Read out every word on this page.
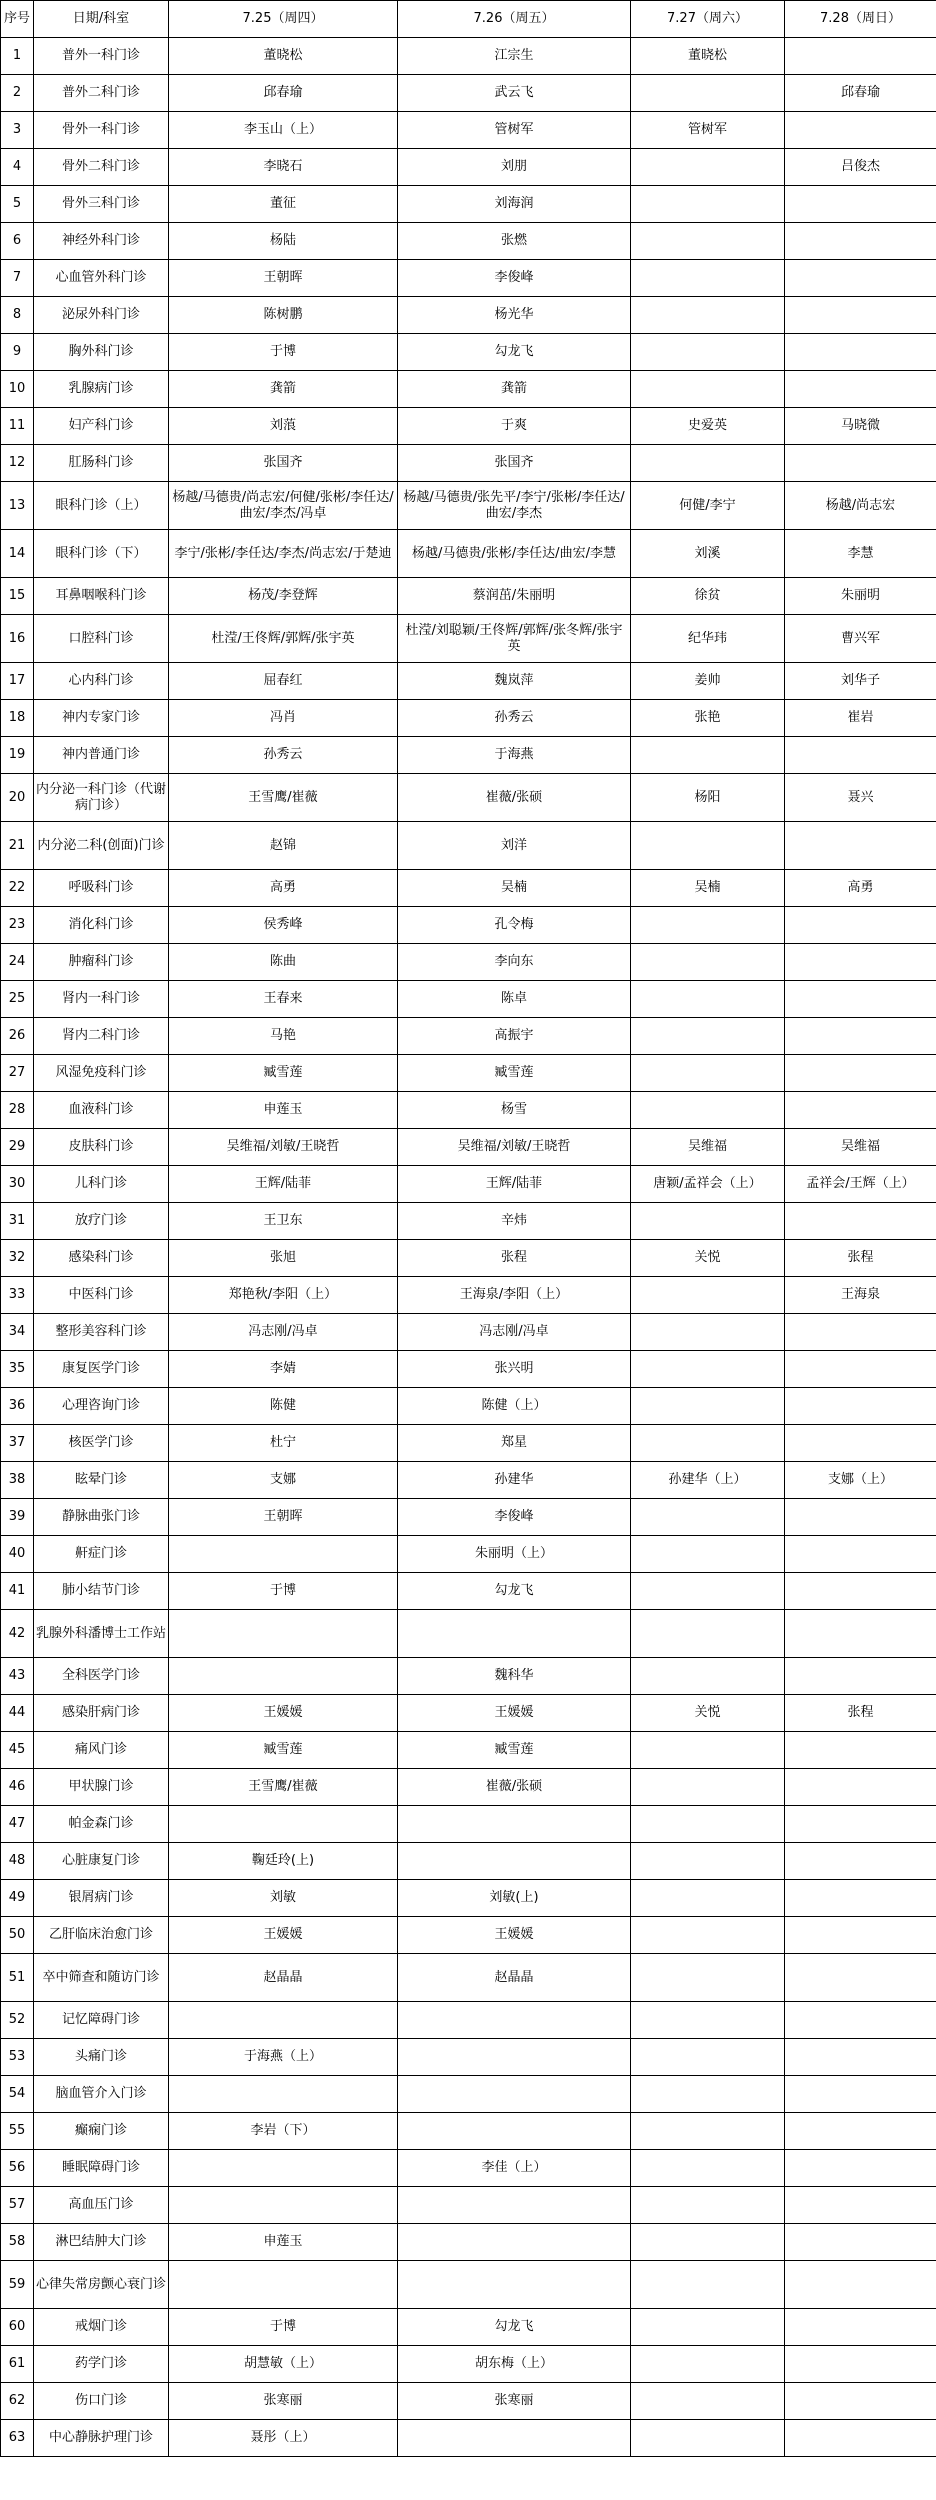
序号	日期/科室	7.25（周四）	7.26（周五）	7.27（周六）	7.28（周日）
1	普外一科门诊	董晓松	江宗生	董晓松	
2	普外二科门诊	邱春瑜	武云飞		邱春瑜
3	骨外一科门诊	李玉山（上）	管树军	管树军	
4	骨外二科门诊	李晓石	刘朋		吕俊杰
5	骨外三科门诊	董征	刘海润		
6	神经外科门诊	杨陆	张燃		
7	心血管外科门诊	王朝晖	李俊峰		
8	泌尿外科门诊	陈树鹏	杨光华		
9	胸外科门诊	于博	勾龙飞		
10	乳腺病门诊	龚箭	龚箭		
11	妇产科门诊	刘蒗	于爽	史爱英	马晓微
12	肛肠科门诊	张国齐	张国齐		
13	眼科门诊（上）	杨越/马德贵/尚志宏/何健/张彬/李任达/曲宏/李杰/冯卓	杨越/马德贵/张先平/李宁/张彬/李任达/曲宏/李杰	何健/李宁	杨越/尚志宏
14	眼科门诊（下）	李宁/张彬/李任达/李杰/尚志宏/于楚迪	杨越/马德贵/张彬/李任达/曲宏/李慧	刘溪	李慧
15	耳鼻咽喉科门诊	杨茂/李登辉	蔡润茁/朱丽明	徐贫	朱丽明
16	口腔科门诊	杜滢/王佟辉/郭辉/张宇英	杜滢/刘聪颖/王佟辉/郭辉/张冬辉/张宇英	纪华玮	曹兴军
17	心内科门诊	屈春红	魏岚萍	姜帅	刘华子
18	神内专家门诊	冯肖	孙秀云	张艳	崔岩
19	神内普通门诊	孙秀云	于海燕		
20	内分泌一科门诊（代谢病门诊）	王雪鹰/崔薇	崔薇/张硕	杨阳	聂兴
21	内分泌二科(创面)门诊	赵锦	刘洋		
22	呼吸科门诊	高勇	吴楠	吴楠	高勇
23	消化科门诊	侯秀峰	孔令梅		
24	肿瘤科门诊	陈曲	李向东		
25	肾内一科门诊	王春来	陈卓		
26	肾内二科门诊	马艳	高振宇		
27	风湿免疫科门诊	臧雪莲	臧雪莲		
28	血液科门诊	申莲玉	杨雪		
29	皮肤科门诊	吴维福/刘敏/王晓哲	吴维福/刘敏/王晓哲	吴维福	吴维福
30	儿科门诊	王辉/陆菲	王辉/陆菲	唐颖/孟祥会（上）	孟祥会/王辉（上）
31	放疗门诊	王卫东	辛炜		
32	感染科门诊	张旭	张程	关悦	张程
33	中医科门诊	郑艳秋/李阳（上）	王海泉/李阳（上）		王海泉
34	整形美容科门诊	冯志刚/冯卓	冯志刚/冯卓		
35	康复医学门诊	李婧	张兴明		
36	心理咨询门诊	陈健	陈健（上）		
37	核医学门诊	杜宁	郑星		
38	眩晕门诊	支娜	孙建华	孙建华（上）	支娜（上）
39	静脉曲张门诊	王朝晖	李俊峰		
40	鼾症门诊		朱丽明（上）		
41	肺小结节门诊	于博	勾龙飞		
42	乳腺外科潘博士工作站				
43	全科医学门诊		魏科华		
44	感染肝病门诊	王媛媛	王媛媛	关悦	张程
45	痛风门诊	臧雪莲	臧雪莲		
46	甲状腺门诊	王雪鹰/崔薇	崔薇/张硕		
47	帕金森门诊				
48	心脏康复门诊	鞠廷玲(上)			
49	银屑病门诊	刘敏	刘敏(上)		
50	乙肝临床治愈门诊	王媛媛	王媛媛		
51	卒中筛查和随访门诊	赵晶晶	赵晶晶		
52	记忆障碍门诊				
53	头痛门诊	于海燕（上）			
54	脑血管介入门诊				
55	癫痫门诊	李岩（下）			
56	睡眠障碍门诊		李佳（上）		
57	高血压门诊				
58	淋巴结肿大门诊	申莲玉			
59	心律失常房颤心衰门诊				
60	戒烟门诊	于博	勾龙飞		
61	药学门诊	胡慧敏（上）	胡东梅（上）		
62	伤口门诊	张寒丽	张寒丽		
63	中心静脉护理门诊	聂彤（上）			
